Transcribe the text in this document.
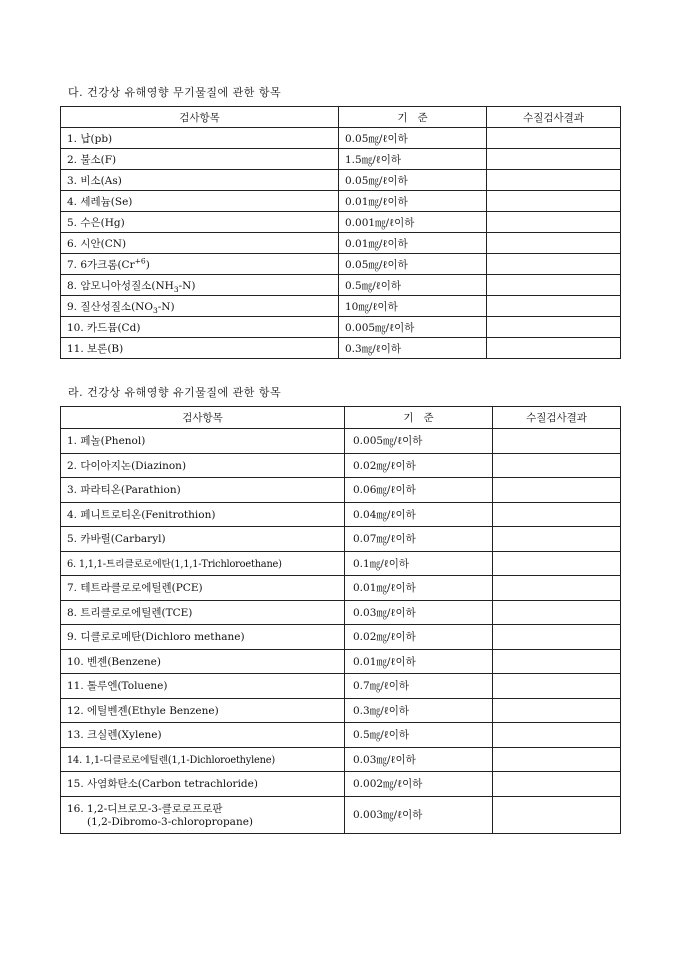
다. 건강상 유해영향 무기물질에 관한 항목
검사항목	기   준	수질검사결과
1. 납(pb)	0.05㎎/ℓ이하	
2. 불소(F)	1.5㎎/ℓ이하	
3. 비소(As)	0.05㎎/ℓ이하	
4. 세레늄(Se)	0.01㎎/ℓ이하	
5. 수은(Hg)	0.001㎎/ℓ이하	
6. 시안(CN)	0.01㎎/ℓ이하	
7. 6가크롬$(Cr^{+6})$	0.05㎎/ℓ이하	
8. 암모니아성질소$(NH_3-N)$	0.5㎎/ℓ이하	
9. 질산성질소$(NO_3-N)$	10㎎/ℓ이하	
10. 카드뮴(Cd)	0.005㎎/ℓ이하	
11. 보론(B)	0.3㎎/ℓ이하	
라. 건강상 유해영향 유기물질에 관한 항목
검사항목	기   준	수질검사결과
1. 페놀(Phenol)	0.005㎎/ℓ이하	
2. 다이아지논(Diazinon)	0.02㎎/ℓ이하	
3. 파라티온(Parathion)	0.06㎎/ℓ이하	
4. 페니트로티온(Fenitrothion)	0.04㎎/ℓ이하	
5. 카바릴(Carbaryl)	0.07㎎/ℓ이하	
6. 1,1,1-트리클로로에탄(1,1,1-Trichloroethane)	0.1㎎/ℓ이하	
7. 테트라클로로에틸렌(PCE)	0.01㎎/ℓ이하	
8. 트리클로로에틸렌(TCE)	0.03㎎/ℓ이하	
9. 디클로로메탄(Dichloro methane)	0.02㎎/ℓ이하	
10. 벤젠(Benzene)	0.01㎎/ℓ이하	
11. 톨루엔(Toluene)	0.7㎎/ℓ이하	
12. 에틸벤젠(Ethyle Benzene)	0.3㎎/ℓ이하	
13. 크실렌(Xylene)	0.5㎎/ℓ이하	
14. 1,1-디클로로에틸렌(1,1-Dichloroethylene)	0.03㎎/ℓ이하	
15. 사염화탄소(Carbon tetrachloride)	0.002㎎/ℓ이하	

16. 1,2-디브로모-3-클로로프로판
(1,2-Dibromo-3-chloropropane)	0.003㎎/ℓ이하	
